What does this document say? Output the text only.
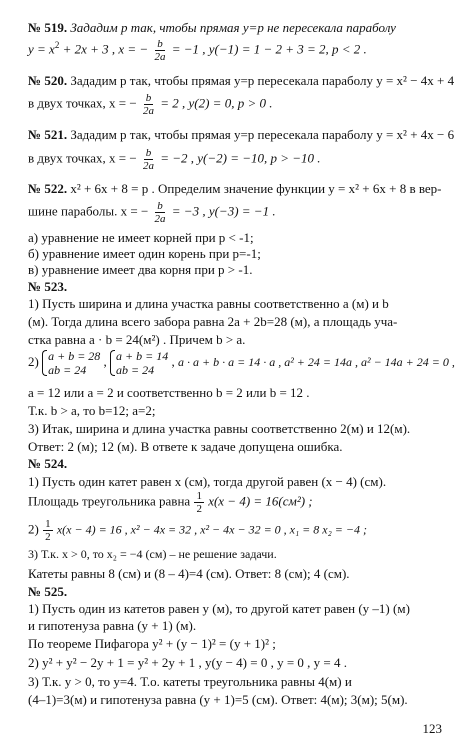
№ 519. Зададим p так, чтобы прямая y=p не пересекала параболу
$y = x^2 + 2x + 3$ , x = − $\frac{b}{2a} = -1$ , y(−1) = 1 − 2 + 3 = 2, p < 2 .
№ 520. Зададим p так, чтобы прямая y=p пересекала параболу y = x² − 4x + 4
в двух точках, x = − $\frac{b}{2a} = 2$ , y(2) = 0, p > 0 .
№ 521. Зададим p так, чтобы прямая y=p пересекала параболу y = x² + 4x − 6
в двух точках, x = − $\frac{b}{2a} = -2$ , y(−2) = −10, p > −10 .
№ 522. x² + 6x + 8 = p . Определим значение функции y = x² + 6x + 8 в вер-
шине параболы. x = − $\frac{b}{2a} = -3$ , y(−3) = −1 .
а) уравнение не имеет корней при p < -1;
б) уравнение имеет один корень при p=-1;
в) уравнение имеет два корня при p > -1.
№ 523.
1) Пусть ширина и длина участка равны соответственно a (м) и b
(м). Тогда длина всего забора равна 2a + 2b=28 (м), а площадь уча-
стка равна a · b = 24(м²) . Причем b > a.
2) a + b = 28
ab = 24 , a + b = 14
ab = 24 , a · a + b · a = 14 · a , a² + 24 = 14a , a² − 14a + 24 = 0 ,
a = 12 или a = 2 и соответственно b = 2 или b = 12 .
Т.к. b > a, то b=12; a=2;
3) Итак, ширина и длина участка равны соответственно 2(м) и 12(м).
Ответ: 2 (м); 12 (м). В ответе к задаче допущена ошибка.
№ 524.
1) Пусть один катет равен x (см), тогда другой равен (x − 4) (см).
Площадь треугольника равна $\frac{1}{2} x(x - 4) = 16(см^2)$ ;
$2) \frac{1}{2} x(x - 4) = 16$ , x² − 4x = 32 , x² − 4x − 32 = 0 , x₁ = 8 x₂ = −4 ;
3) Т.к. x > 0, то x₂ = −4 (см) – не решение задачи.
Катеты равны 8 (см) и (8 – 4)=4 (см). Ответ: 8 (см); 4 (см).
№ 525.
1) Пусть один из катетов равен y (м), то другой катет равен (y –1) (м)
и гипотенуза равна (y + 1) (м).
По теореме Пифагора y² + (y − 1)² = (y + 1)² ;
2) y² + y² − 2y + 1 = y² + 2y + 1 , y(y − 4) = 0 , y = 0 , y = 4 .
3) Т.к. y > 0, то y=4. Т.о. катеты треугольника равны 4(м) и
(4–1)=3(м) и гипотенуза равна (y + 1)=5 (см). Ответ: 4(м); 3(м); 5(м).
123
